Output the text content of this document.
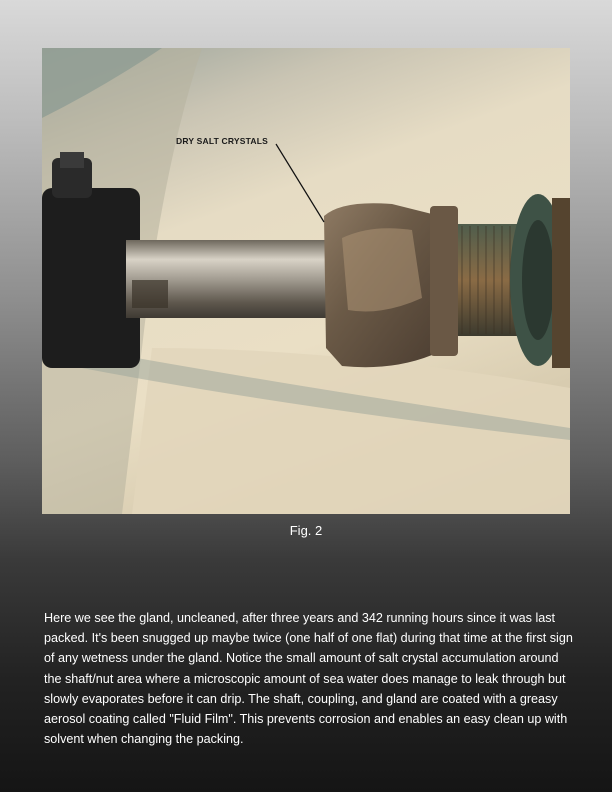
DRY SALT CRYSTALS
Fig. 2
Here we see the gland, uncleaned, after three years and 342 running hours since it was last packed. It's been snugged up maybe twice (one half of one flat) during that time at the first sign of any wetness under the gland. Notice the small amount of salt crystal accumulation around the shaft/nut area where a microscopic amount of sea water does manage to leak through but slowly evaporates before it can drip. The shaft, coupling, and gland are coated with a greasy aerosol coating called "Fluid Film". This prevents corrosion and enables an easy clean up with solvent when changing the packing.
